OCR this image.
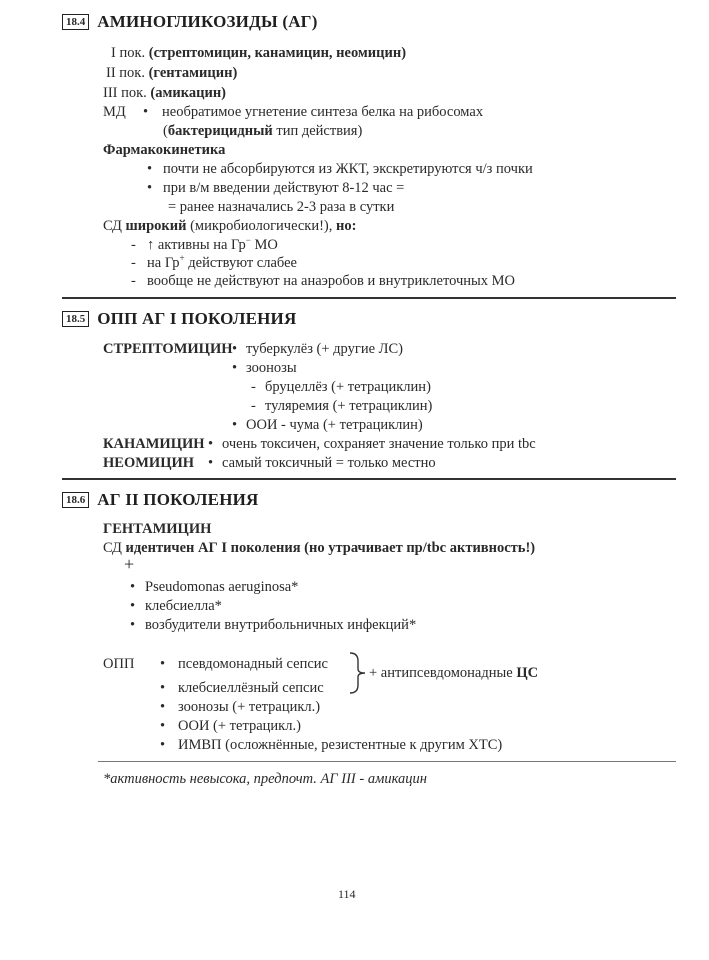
18.4 АМИНОГЛИКОЗИДЫ (АГ)
I пок. (стрептомицин, канамицин, неомицин)
II пок. (гентамицин)
III пок. (амикацин)
МД • необратимое угнетение синтеза белка на рибосомах
(бактерицидный тип действия)
Фармакокинетика
• почти не абсорбируются из ЖКТ, экскретируются ч/з почки
• при в/м введении действуют 8-12 час =
= ранее назначались 2-3 раза в сутки
СД широкий (микробиологически!), но:
- ↑ активны на Гр− МО
- на Гр+ действуют слабее
- вообще не действуют на анаэробов и внутриклеточных МО
18.5 ОПП АГ I ПОКОЛЕНИЯ
СТРЕПТОМИЦИН • туберкулёз (+ другие ЛС)
• зоонозы
- бруцеллёз (+ тетрациклин)
- туляремия (+ тетрациклин)
• ООИ - чума (+ тетрациклин)
КАНАМИЦИН • очень токсичен, сохраняет значение только при tbc
НЕОМИЦИН • самый токсичный = только местно
18.6 АГ II ПОКОЛЕНИЯ
ГЕНТАМИЦИН
СД идентичен АГ I поколения (но утрачивает пр/tbc активность!)
+
• Pseudomonas aeruginosa*
• клебсиелла*
• возбудители внутрибольничных инфекций*
ОПП • псевдомонадный сепсис
+ антипсевдомонадные ЦС
• клебсиеллёзный сепсис
• зоонозы (+ тетрацикл.)
• ООИ (+ тетрацикл.)
• ИМВП (осложнённые, резистентные к другим ХТС)
*активность невысока, предпочт. АГ III - амикацин
114
